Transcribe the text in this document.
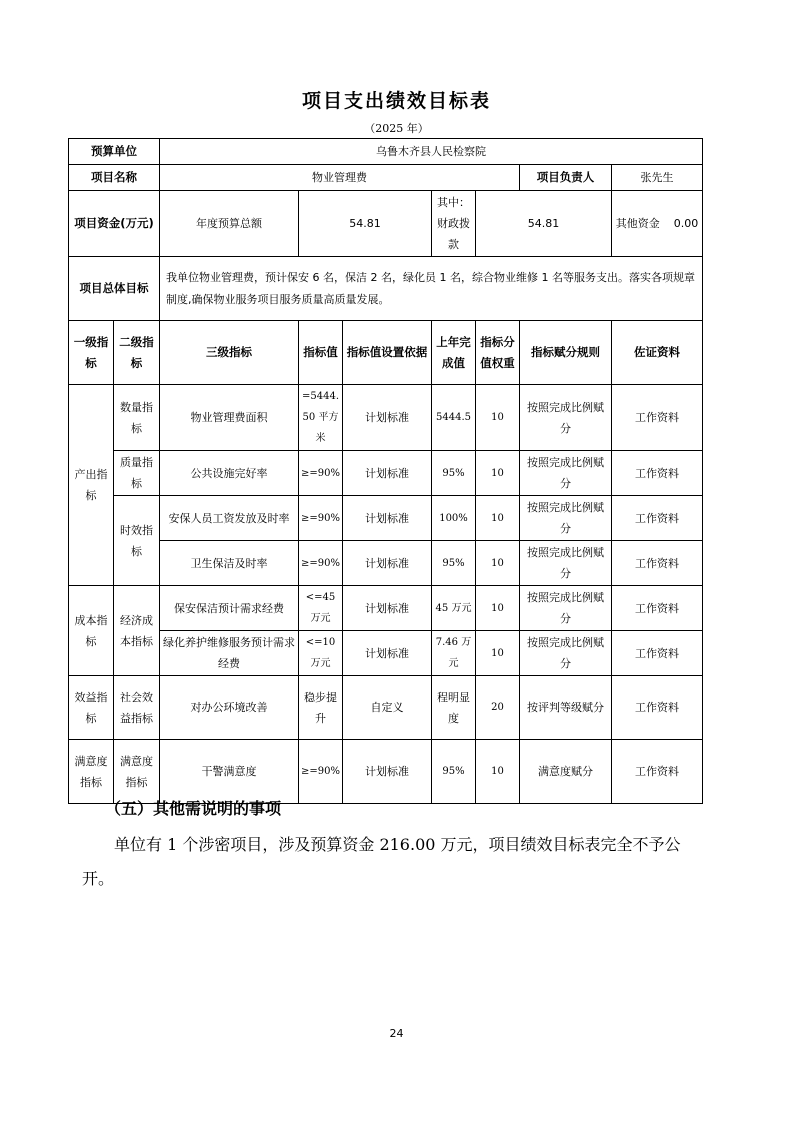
项目支出绩效目标表
（2025 年）
预算单位		乌鲁木齐县人民检察院						
项目名称		物业管理费					项目负责人	张先生
项目资金(万元)		年度预算总额	54.81		其中：财政拨款	54.81		其他资金 0.00
项目总体目标		我单位物业管理费，预计保安 6 名，保洁 2 名，绿化员 1 名，综合物业维修 1 名等服务支出。落实各项规章制度,确保物业服务项目服务质量高质量发展。						
一级指标	二级指标	三级指标	指标值	指标值设置依据	上年完成值	指标分值权重	指标赋分规则	佐证资料
产出指标	数量指标	物业管理费面积	=5444.50 平方米	计划标准	5444.5	10	按照完成比例赋分	工作资料
	质量指标	公共设施完好率	≥=90%	计划标准	95%	10	按照完成比例赋分	工作资料
	时效指标	安保人员工资发放及时率	≥=90%	计划标准	100%	10	按照完成比例赋分	工作资料
		卫生保洁及时率	≥=90%	计划标准	95%	10	按照完成比例赋分	工作资料
成本指标	经济成本指标	保安保洁预计需求经费	<=45 万元	计划标准	45 万元	10	按照完成比例赋分	工作资料
		绿化养护维修服务预计需求经费	<=10 万元	计划标准	7.46 万元	10	按照完成比例赋分	工作资料
效益指标	社会效益指标	对办公环境改善	稳步提升	自定义	程明显度	20	按评判等级赋分	工作资料
满意度指标	满意度指标	干警满意度	≥=90%	计划标准	95%	10	满意度赋分	工作资料
（五）其他需说明的事项
单位有 1 个涉密项目，涉及预算资金 216.00 万元，项目绩效目标表完全不予公开。
24
